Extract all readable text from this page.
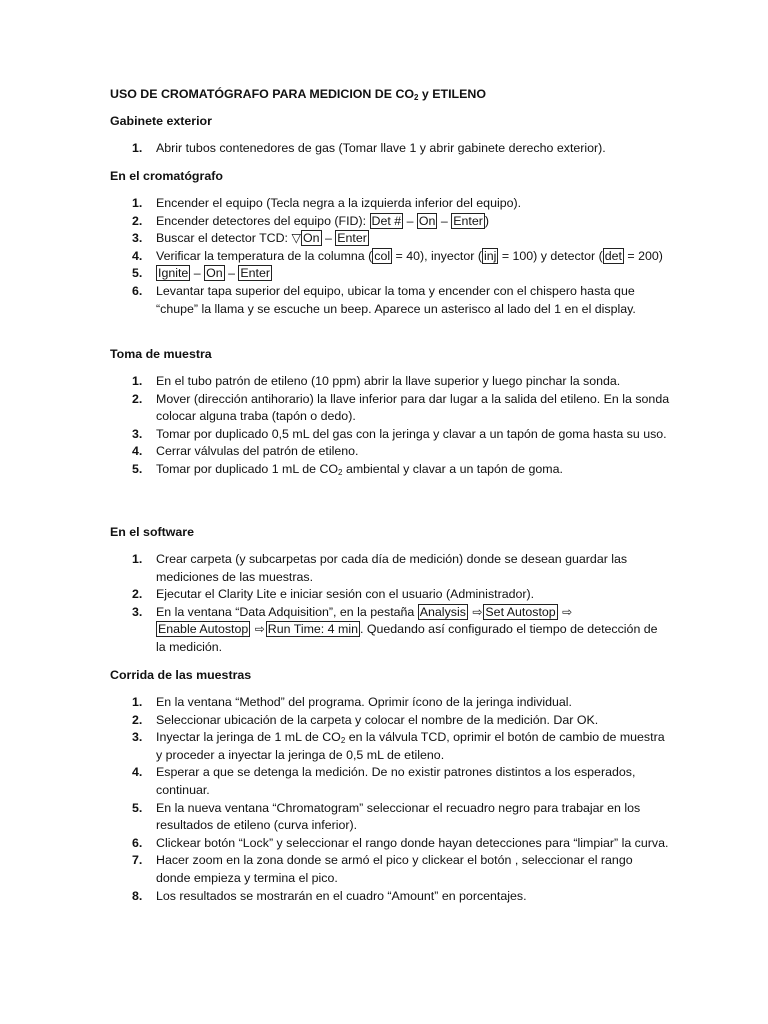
USO DE CROMATÓGRAFO PARA MEDICION DE $CO_2$ y ETILENO
Gabinete exterior
1. Abrir tubos contenedores de gas (Tomar llave 1 y abrir gabinete derecho exterior).
En el cromatógrafo
1. Encender el equipo (Tecla negra a la izquierda inferior del equipo).
2. Encender detectores del equipo (FID): Det # – On – Enter )
3. Buscar el detector TCD: ▽ On – Enter
4. Verificar la temperatura de la columna ( col = 40), inyector ( inj = 100) y detector ( det = 200)
5. Ignite – On – Enter
6. Levantar tapa superior del equipo, ubicar la toma y encender con el chispero hasta que “chupe” la llama y se escuche un beep. Aparece un asterisco al lado del 1 en el display.
Toma de muestra
1. En el tubo patrón de etileno (10 ppm) abrir la llave superior y luego pinchar la sonda.
2. Mover (dirección antihorario) la llave inferior para dar lugar a la salida del etileno. En la sonda colocar alguna traba (tapón o dedo).
3. Tomar por duplicado 0,5 mL del gas con la jeringa y clavar a un tapón de goma hasta su uso.
4. Cerrar válvulas del patrón de etileno.
5. Tomar por duplicado 1 mL de $CO_2$ ambiental y clavar a un tapón de goma.
En el software
1. Crear carpeta (y subcarpetas por cada día de medición) donde se desean guardar las mediciones de las muestras.
2. Ejecutar el Clarity Lite e iniciar sesión con el usuario (Administrador).
3. En la ventana “Data Adquisition”, en la pestaña Analysis ⇨ Set Autostop ⇨
Enable Autostop ⇨ Run Time: 4 min . Quedando así configurado el tiempo de detección de la medición.
Corrida de las muestras
1. En la ventana “Method” del programa. Oprimir ícono de la jeringa individual.
2. Seleccionar ubicación de la carpeta y colocar el nombre de la medición. Dar OK.
3. Inyectar la jeringa de 1 mL de $CO_2$ en la válvula TCD, oprimir el botón de cambio de muestra y proceder a inyectar la jeringa de 0,5 mL de etileno.
4. Esperar a que se detenga la medición. De no existir patrones distintos a los esperados, continuar.
5. En la nueva ventana “Chromatogram” seleccionar el recuadro negro para trabajar en los resultados de etileno (curva inferior).
6. Clickear botón “Lock” y seleccionar el rango donde hayan detecciones para “limpiar” la curva.
7. Hacer zoom en la zona donde se armó el pico y clickear el botón , seleccionar el rango donde empieza y termina el pico.
8. Los resultados se mostrarán en el cuadro “Amount” en porcentajes.
